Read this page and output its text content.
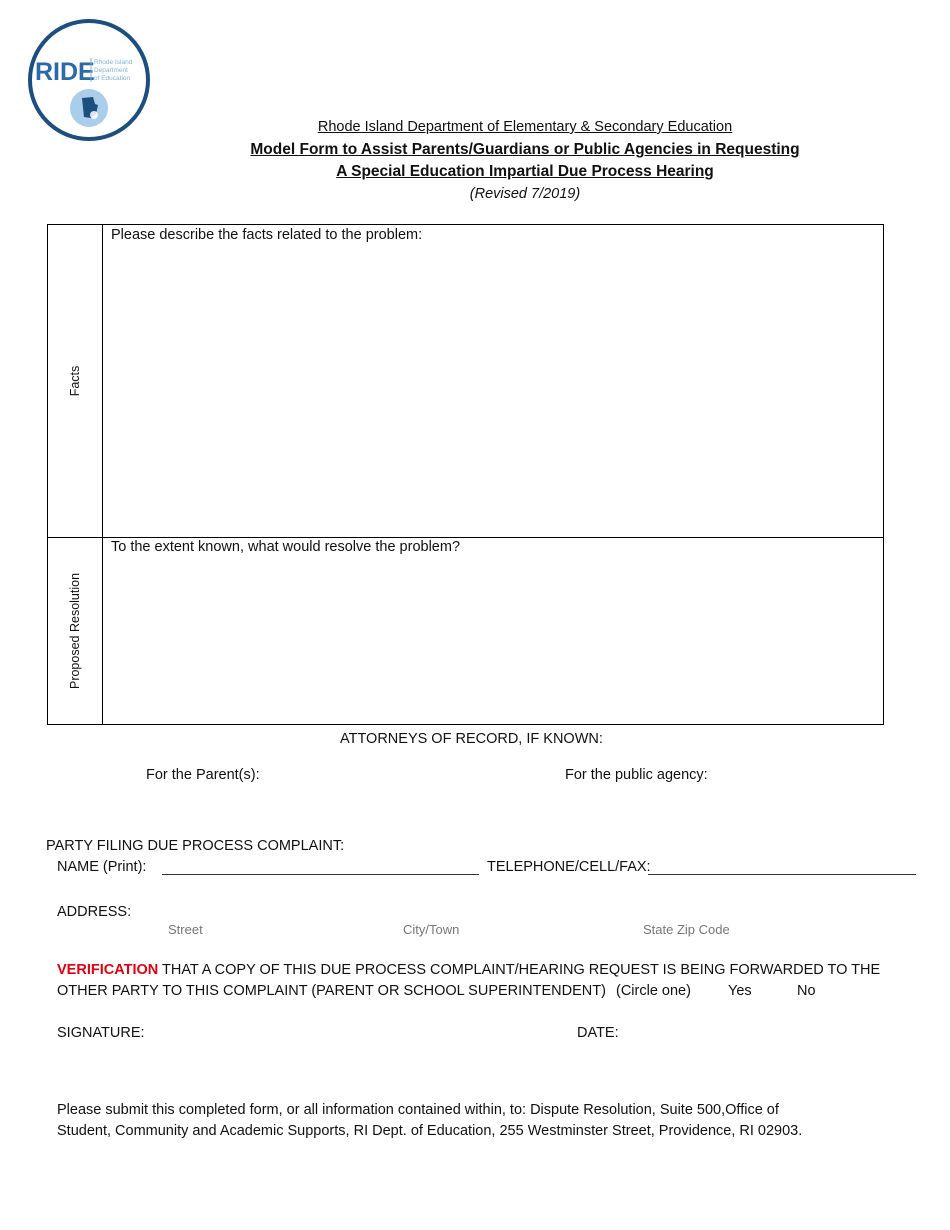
RIDE Rhode Island
Department
of Education
Rhode Island Department of Elementary & Secondary Education
Model Form to Assist Parents/Guardians or Public Agencies in Requesting
A Special Education Impartial Due Process Hearing
(Revised 7/2019)
Facts
Please describe the facts related to the problem:
Proposed Resolution
To the extent known, what would resolve the problem?
ATTORNEYS OF RECORD, IF KNOWN:
For the Parent(s):	For the public agency:
PARTY FILING DUE PROCESS COMPLAINT:
NAME (Print):	TELEPHONE/CELL/FAX:
ADDRESS:
Street	City/Town	State Zip Code
VERIFICATION THAT A COPY OF THIS DUE PROCESS COMPLAINT/HEARING REQUEST IS BEING FORWARDED TO THE
OTHER PARTY TO THIS COMPLAINT (PARENT OR SCHOOL SUPERINTENDENT) (Circle one)	Yes	No
SIGNATURE:	DATE:
Please submit this completed form, or all information contained within, to: Dispute Resolution, Suite 500,Office of
Student, Community and Academic Supports, RI Dept. of Education, 255 Westminster Street, Providence, RI 02903.
